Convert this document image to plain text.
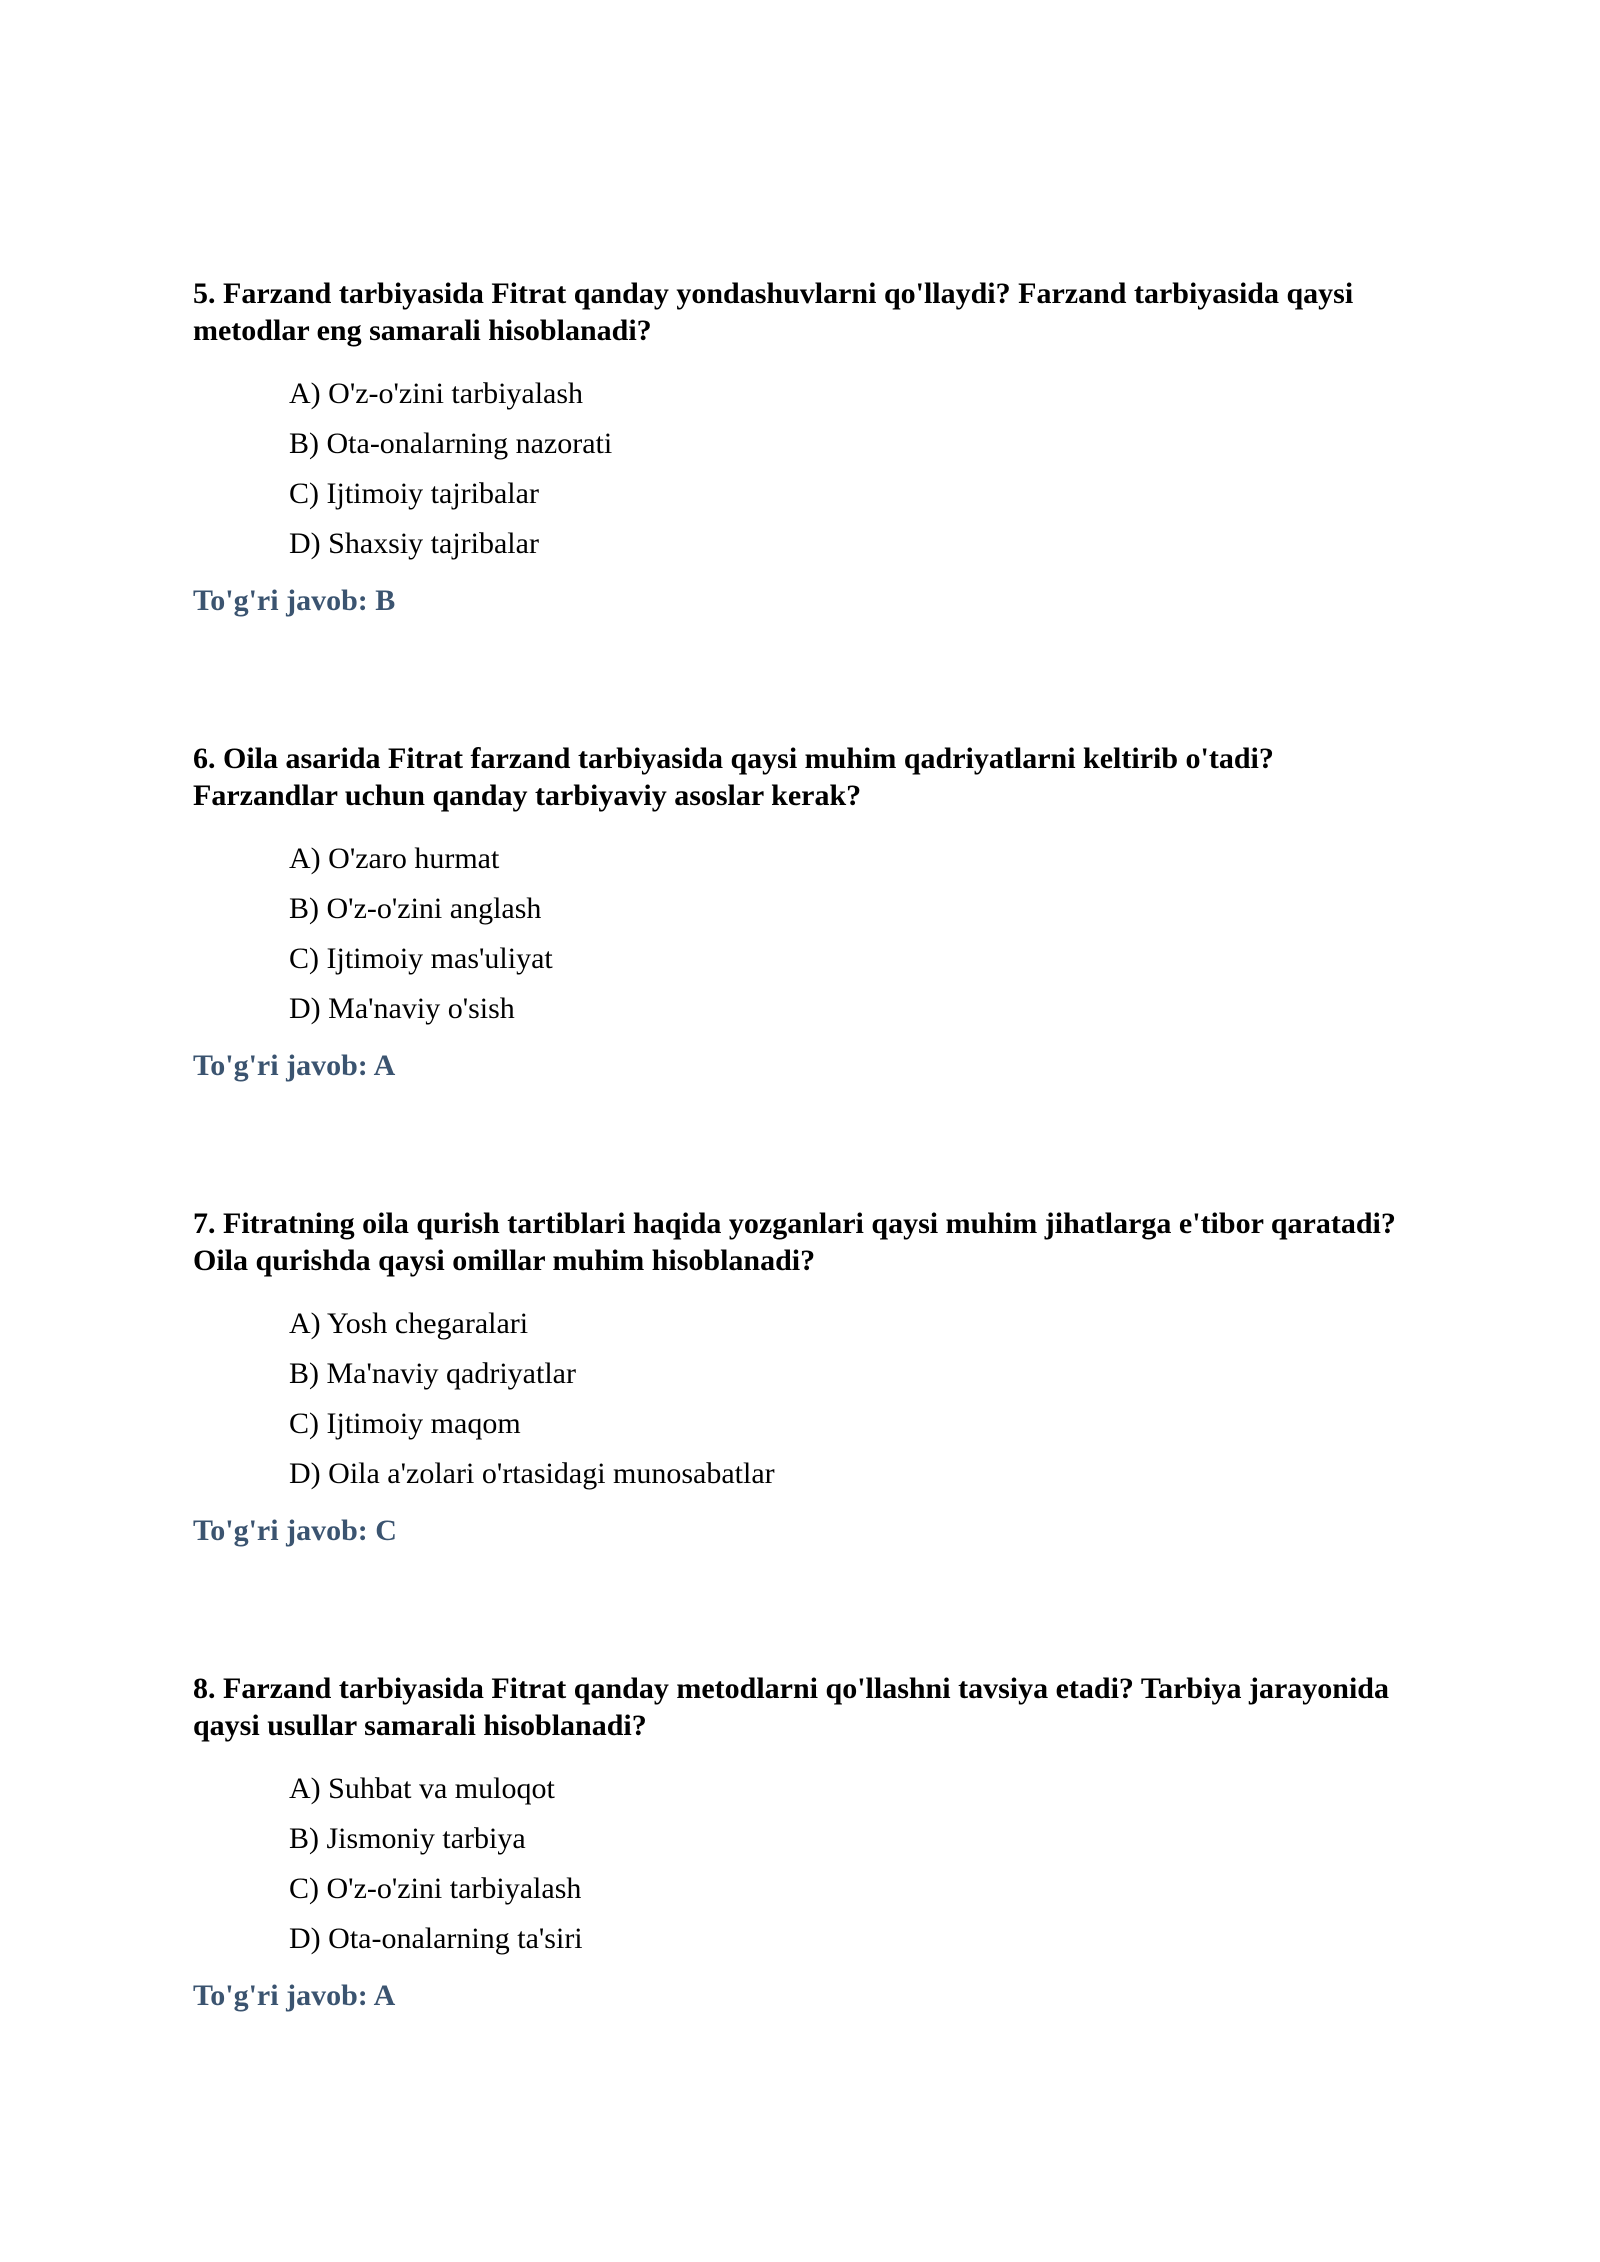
5. Farzand tarbiyasida Fitrat qanday yondashuvlarni qo'llaydi? Farzand tarbiyasida qaysi metodlar eng samarali hisoblanadi?

A) O'z-o'zini tarbiyalash
B) Ota-onalarning nazorati
C) Ijtimoiy tajribalar
D) Shaxsiy tajribalar
To'g'ri javob: B

6. Oila asarida Fitrat farzand tarbiyasida qaysi muhim qadriyatlarni keltirib o'tadi? Farzandlar uchun qanday tarbiyaviy asoslar kerak?

A) O'zaro hurmat
B) O'z-o'zini anglash
C) Ijtimoiy mas'uliyat
D) Ma'naviy o'sish
To'g'ri javob: A

7. Fitratning oila qurish tartiblari haqida yozganlari qaysi muhim jihatlarga e'tibor qaratadi? Oila qurishda qaysi omillar muhim hisoblanadi?

A) Yosh chegaralari
B) Ma'naviy qadriyatlar
C) Ijtimoiy maqom
D) Oila a'zolari o'rtasidagi munosabatlar
To'g'ri javob: C

8. Farzand tarbiyasida Fitrat qanday metodlarni qo'llashni tavsiya etadi? Tarbiya jarayonida qaysi usullar samarali hisoblanadi?

A) Suhbat va muloqot
B) Jismoniy tarbiya
C) O'z-o'zini tarbiyalash
D) Ota-onalarning ta'siri
To'g'ri javob: A
